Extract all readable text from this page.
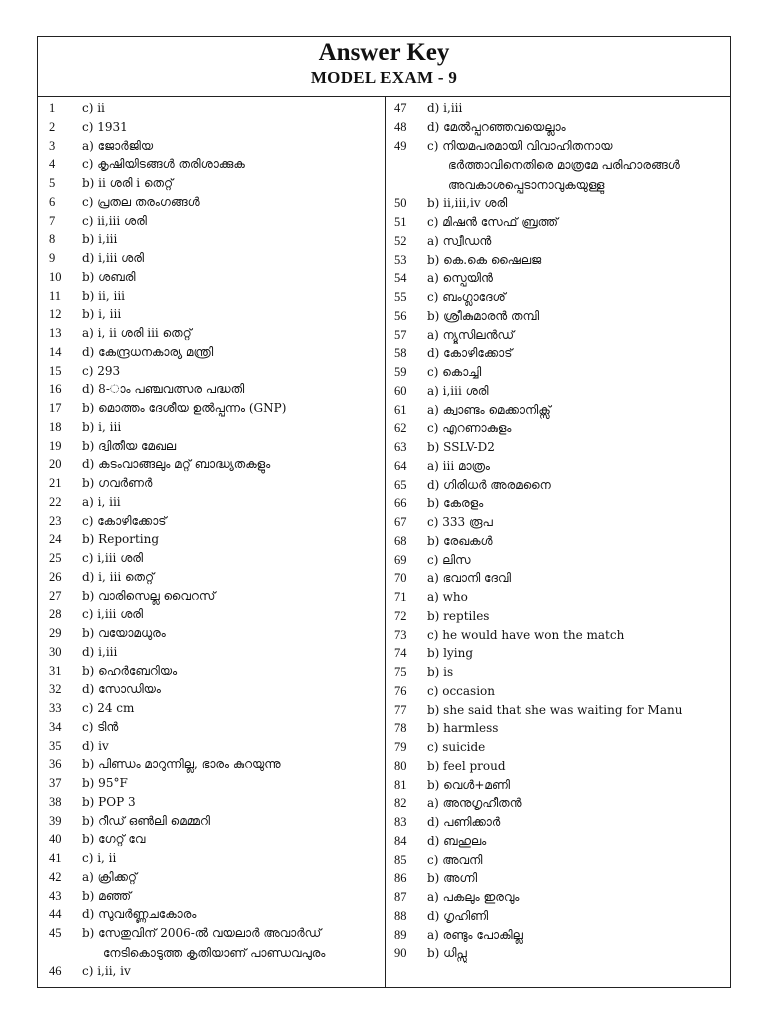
Answer Key
MODEL EXAM - 9
1	c) ii
2	c) 1931
3	a) ജോർജിയ
4	c) കൃഷിയിടങ്ങൾ തരിശാക്കുക
5	b) ii ശരി i തെറ്റ്
6	c) പ്രതല തരംഗങ്ങൾ
7	c) ii,iii ശരി
8	b) i,iii
9	d) i,iii ശരി
10	b) ശബരി
11	b) ii, iii
12	b) i, iii
13	a) i, ii ശരി iii തെറ്റ്
14	d) കേന്ദ്രധനകാര്യ മന്ത്രി
15	c) 293
16	d) 8-ാം പഞ്ചവത്സര പദ്ധതി
17	b) മൊത്തം ദേശീയ ഉൽപ്പന്നം (GNP)
18	b) i, iii
19	b) ദ്വിതീയ മേഖല
20	d) കടംവാങ്ങലും മറ്റ് ബാദ്ധ്യതകളും
21	b) ഗവർണർ
22	a) i, iii
23	c) കോഴിക്കോട്
24	b) Reporting
25	c) i,iii ശരി
26	d) i, iii തെറ്റ്
27	b) വാരിസെല്ല വൈറസ്
28	c) i,iii ശരി
29	b) വയോമധുരം
30	d) i,iii
31	b) ഹെർബേറിയം
32	d) സോഡിയം
33	c) 24 cm
34	c) ടിൻ
35	d) iv
36	b) പിണ്ഡം മാറുന്നില്ല, ഭാരം കുറയുന്നു
37	b) 95°F
38	b) POP 3
39	b) റീഡ് ഒൺലി മെമ്മറി
40	b) ഗേറ്റ് വേ
41	c) i, ii
42	a) ക്രിക്കറ്റ്
43	b) മഞ്ഞ്
44	d) സുവർണ്ണചകോരം
45	b) സേതുവിന് 2006-ൽ വയലാർ അവാർഡ്
നേടികൊടുത്ത കൃതിയാണ് പാണ്ഡവപുരം
46	c) i,ii, iv
47	d) i,iii
48	d) മേൽപ്പറഞ്ഞവയെല്ലാം
49	c) നിയമപരമായി വിവാഹിതനായ
ഭർത്താവിനെതിരെ മാത്രമേ പരിഹാരങ്ങൾ
അവകാശപ്പെടാനാവുകയുള്ളു
50	b) ii,iii,iv ശരി
51	c) മിഷൻ സേഫ് ബ്രത്ത്
52	a) സ്വീഡൻ
53	b) കെ.കെ ഷൈലജ
54	a) സ്പെയിൻ
55	c) ബംഗ്ലാദേശ്
56	b) ശ്രീകുമാരൻ തമ്പി
57	a) ന്യൂസിലൻഡ്
58	d) കോഴിക്കോട്
59	c) കൊച്ചി
60	a) i,iii ശരി
61	a) ക്വാണ്ടം മെക്കാനിക്സ്
62	c) എറണാകുളം
63	b) SSLV-D2
64	a) iii മാത്രം
65	d) ഗിരിധർ അരമനൈ
66	b) കേരളം
67	c) 333 രൂപ
68	b) രേഖകൾ
69	c) ലിസ
70	a) ഭവാനി ദേവി
71	a) who
72	b) reptiles
73	c) he would have won the match
74	b) lying
75	b) is
76	c) occasion
77	b) she said that she was waiting for Manu
78	b) harmless
79	c) suicide
80	b) feel proud
81	b) വെൾ+മണി
82	a) അനുഗൃഹീതൻ
83	d) പണിക്കാർ
84	d) ബഹുലം
85	c) അവനി
86	b) അഗ്നി
87	a) പകലും ഇരവും
88	d) ഗൃഹിണി
89	a) രണ്ടും പോകില്ല
90	b) ധിപ്സു
